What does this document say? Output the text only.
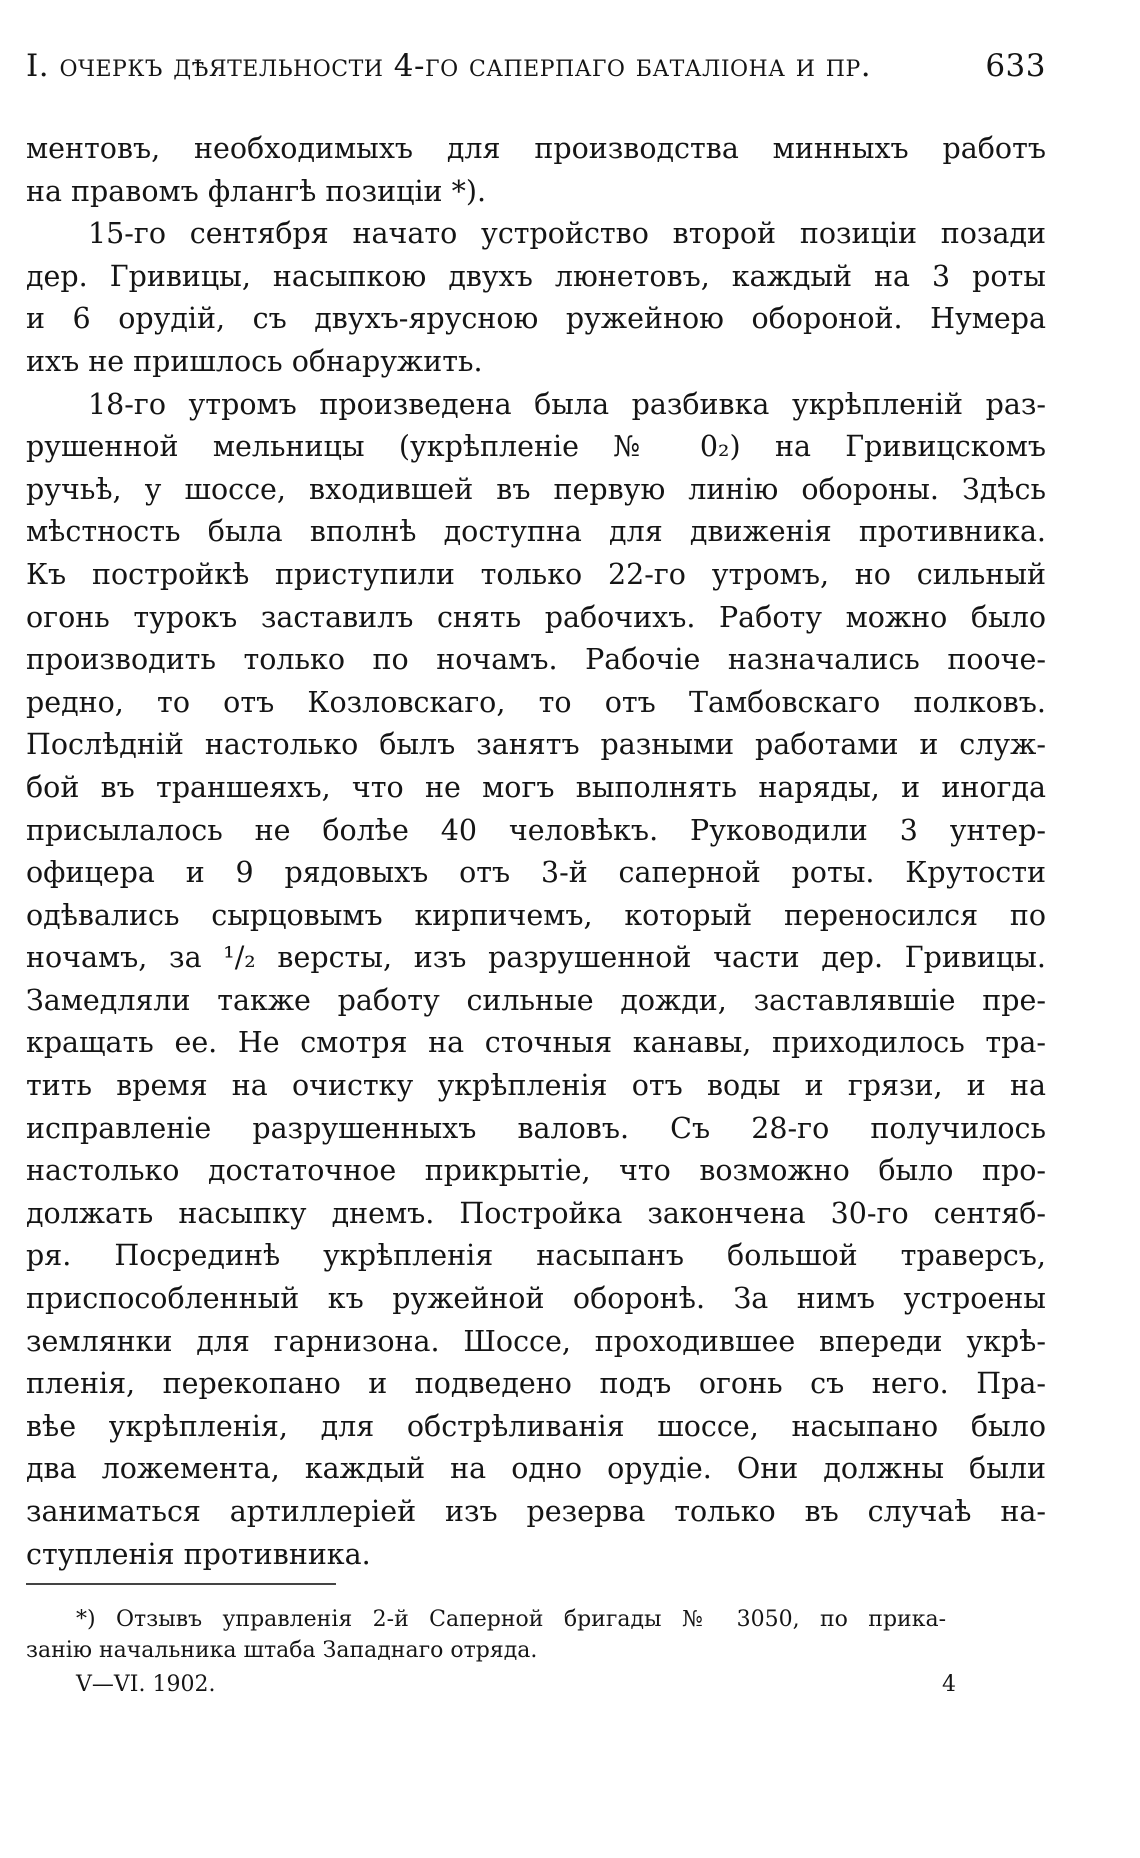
I. очеркъ дѣятельности 4-го саперпаго баталiона и пр.	633
ментовъ, необходимыхъ для производства минныхъ работъ
на правомъ флангѣ позицiи *).
15-го сентября начато устройство второй позицiи позади
дер. Гривицы, насыпкою двухъ люнетовъ, каждый на 3 роты
и 6 орудiй, съ двухъ-ярусною ружейною обороной. Нумера
ихъ не пришлось обнаружить.
18-го утромъ произведена была разбивка укрѣпленiй раз-
рушенной мельницы (укрѣпленiе № 0₂) на Гривицскомъ
ручьѣ, у шоссе, входившей въ первую линiю обороны. Здѣсь
мѣстность была вполнѣ доступна для движенiя противника.
Къ постройкѣ приступили только 22-го утромъ, но сильный
огонь турокъ заставилъ снять рабочихъ. Работу можно было
производить только по ночамъ. Рабочiе назначались пооче-
редно, то отъ Козловскаго, то отъ Тамбовскаго полковъ.
Послѣднiй настолько былъ занятъ разными работами и служ-
бой въ траншеяхъ, что не могъ выполнять наряды, и иногда
присылалось не болѣе 40 человѣкъ. Руководили 3 унтер-
офицера и 9 рядовыхъ отъ 3-й саперной роты. Крутости
одѣвались сырцовымъ кирпичемъ, который переносился по
ночамъ, за ¹/₂ версты, изъ разрушенной части дер. Гривицы.
Замедляли также работу сильные дожди, заставлявшiе пре-
кращать ее. Не смотря на сточныя канавы, приходилось тра-
тить время на очистку укрѣпленiя отъ воды и грязи, и на
исправленiе разрушенныхъ валовъ. Съ 28-го получилось
настолько достаточное прикрытiе, что возможно было про-
должать насыпку днемъ. Постройка закончена 30-го сентяб-
ря. Посрединѣ укрѣпленiя насыпанъ большой траверсъ,
приспособленный къ ружейной оборонѣ. За нимъ устроены
землянки для гарнизона. Шоссе, проходившее впереди укрѣ-
пленiя, перекопано и подведено подъ огонь съ него. Пра-
вѣе укрѣпленiя, для обстрѣливанiя шоссе, насыпано было
два ложемента, каждый на одно орудiе. Они должны были
заниматься артиллерiей изъ резерва только въ случаѣ на-
ступленiя противника.
*) Отзывъ управленiя 2-й Саперной бригады № 3050, по прика-
занiю начальника штаба Западнаго отряда.
V—VI. 1902.	4
